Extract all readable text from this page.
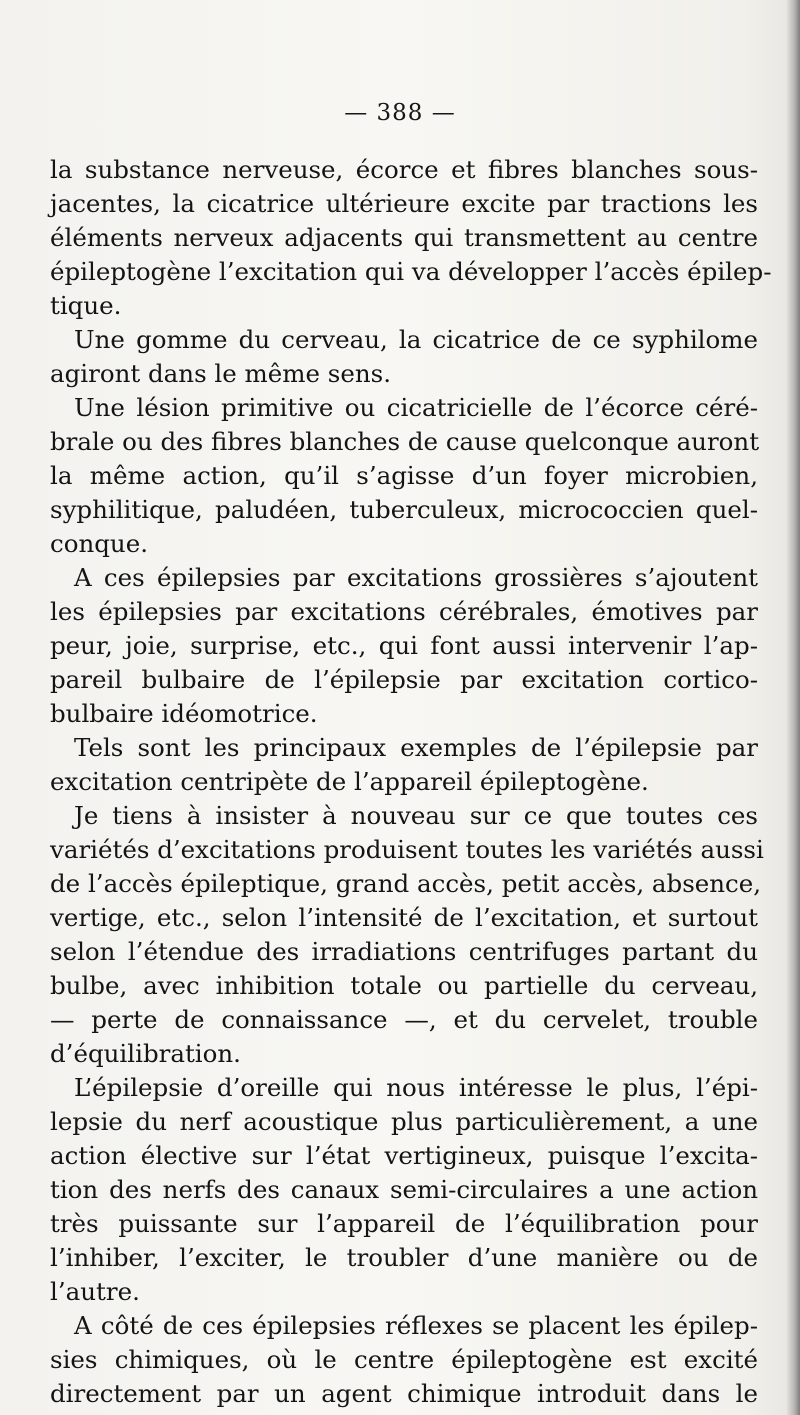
— 388 —
la substance nerveuse, écorce et fibres blanches sous-
jacentes, la cicatrice ultérieure excite par tractions les
éléments nerveux adjacents qui transmettent au centre
épileptogène l’excitation qui va développer l’accès épilep-
tique.
Une gomme du cerveau, la cicatrice de ce syphilome
agiront dans le même sens.
Une lésion primitive ou cicatricielle de l’écorce céré-
brale ou des fibres blanches de cause quelconque auront
la même action, qu’il s’agisse d’un foyer microbien,
syphilitique, paludéen, tuberculeux, micrococcien quel-
conque.
A ces épilepsies par excitations grossières s’ajoutent
les épilepsies par excitations cérébrales, émotives par
peur, joie, surprise, etc., qui font aussi intervenir l’ap-
pareil bulbaire de l’épilepsie par excitation cortico-
bulbaire idéomotrice.
Tels sont les principaux exemples de l’épilepsie par
excitation centripète de l’appareil épileptogène.
Je tiens à insister à nouveau sur ce que toutes ces
variétés d’excitations produisent toutes les variétés aussi
de l’accès épileptique, grand accès, petit accès, absence,
vertige, etc., selon l’intensité de l’excitation, et surtout
selon l’étendue des irradiations centrifuges partant du
bulbe, avec inhibition totale ou partielle du cerveau,
— perte de connaissance —, et du cervelet, trouble
d’équilibration.
L’épilepsie d’oreille qui nous intéresse le plus, l’épi-
lepsie du nerf acoustique plus particulièrement, a une
action élective sur l’état vertigineux, puisque l’excita-
tion des nerfs des canaux semi-circulaires a une action
très puissante sur l’appareil de l’équilibration pour
l’inhiber, l’exciter, le troubler d’une manière ou de
l’autre.
A côté de ces épilepsies réflexes se placent les épilep-
sies chimiques, où le centre épileptogène est excité
directement par un agent chimique introduit dans le
